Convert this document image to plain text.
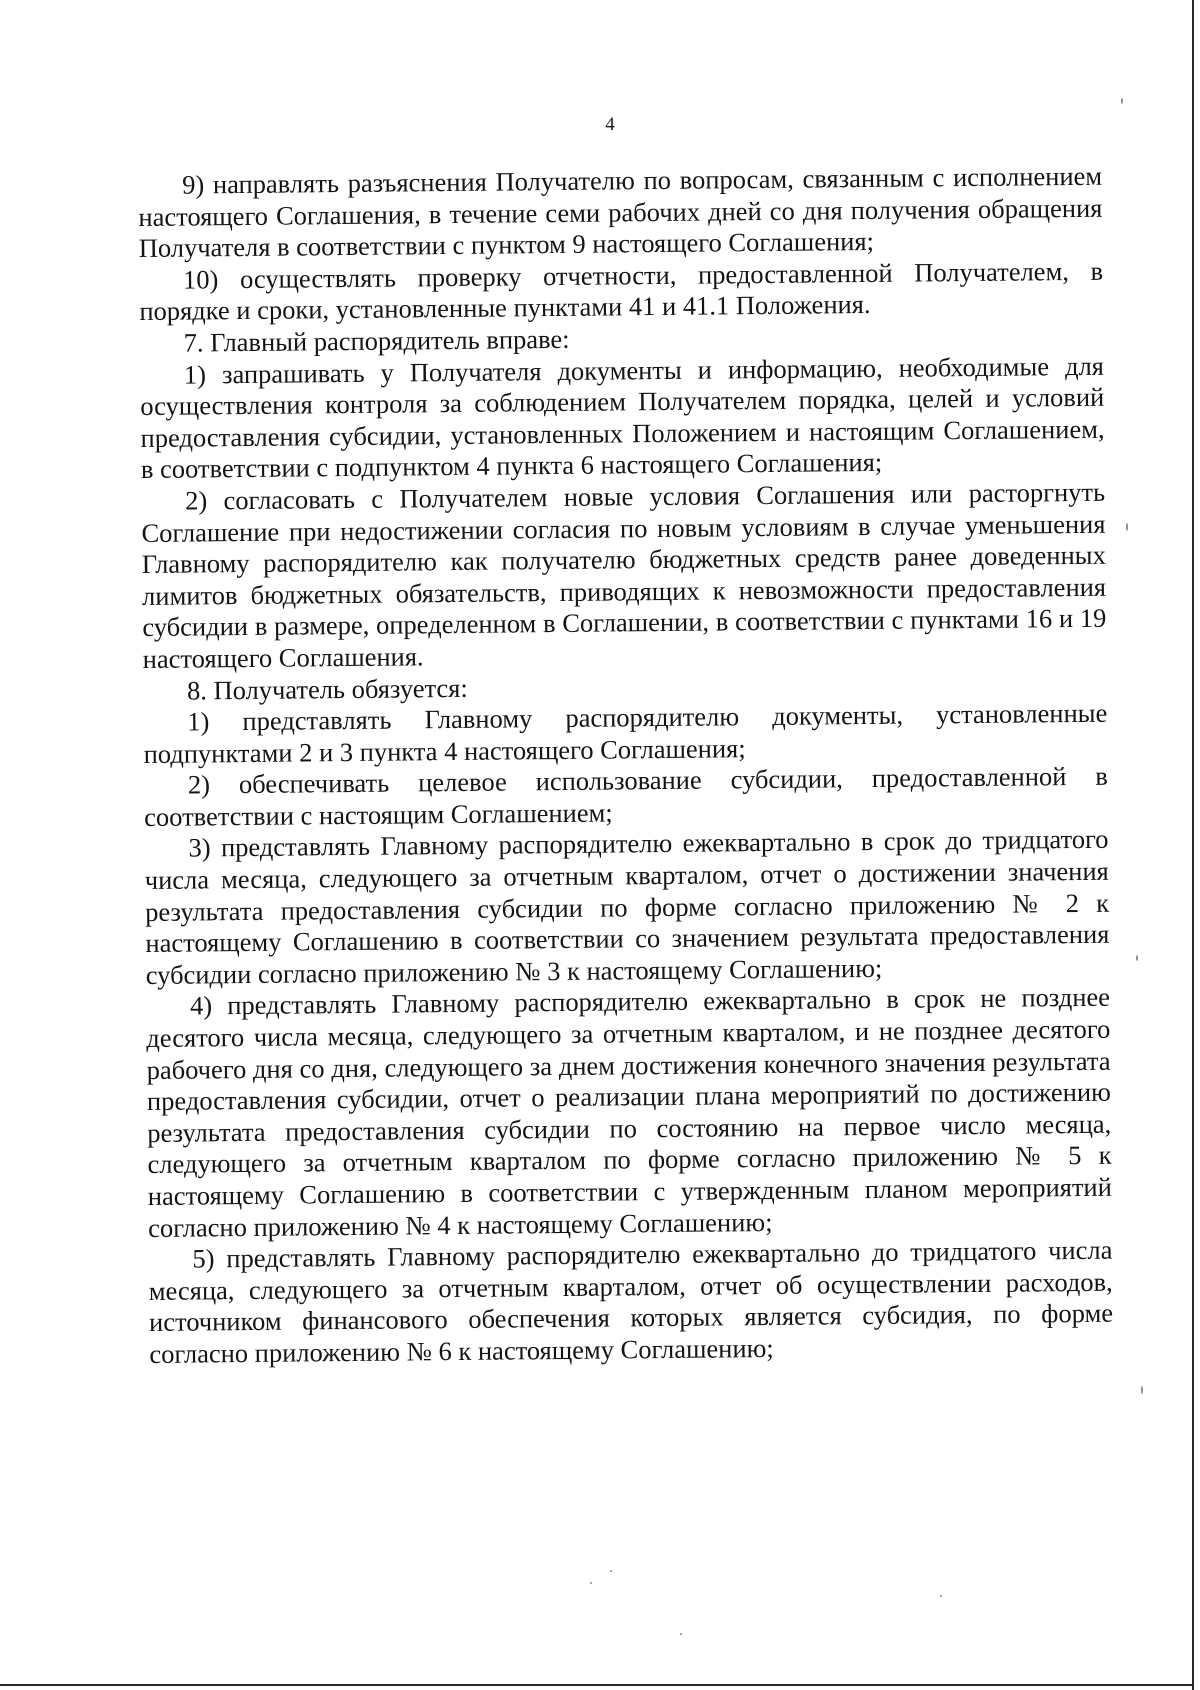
4

9) направлять разъяснения Получателю по вопросам, связанным с исполнением настоящего Соглашения, в течение семи рабочих дней со дня получения обращения Получателя в соответствии с пунктом 9 настоящего Соглашения;

10) осуществлять проверку отчетности, предоставленной Получателем, в порядке и сроки, установленные пунктами 41 и 41.1 Положения.

7. Главный распорядитель вправе:

1) запрашивать у Получателя документы и информацию, необходимые для осуществления контроля за соблюдением Получателем порядка, целей и условий предоставления субсидии, установленных Положением и настоящим Соглашением, в соответствии с подпунктом 4 пункта 6 настоящего Соглашения;

2) согласовать с Получателем новые условия Соглашения или расторгнуть Соглашение при недостижении согласия по новым условиям в случае уменьшения Главному распорядителю как получателю бюджетных средств ранее доведенных лимитов бюджетных обязательств, приводящих к невозможности предоставления субсидии в размере, определенном в Соглашении, в соответствии с пунктами 16 и 19 настоящего Соглашения.

8. Получатель обязуется:

1) представлять Главному распорядителю документы, установленные подпунктами 2 и 3 пункта 4 настоящего Соглашения;

2) обеспечивать целевое использование субсидии, предоставленной в соответствии с настоящим Соглашением;

3) представлять Главному распорядителю ежеквартально в срок до тридцатого числа месяца, следующего за отчетным кварталом, отчет о достижении значения результата предоставления субсидии по форме согласно приложению № 2 к настоящему Соглашению в соответствии со значением результата предоставления субсидии согласно приложению № 3 к настоящему Соглашению;

4) представлять Главному распорядителю ежеквартально в срок не позднее десятого числа месяца, следующего за отчетным кварталом, и не позднее десятого рабочего дня со дня, следующего за днем достижения конечного значения результата предоставления субсидии, отчет о реализации плана мероприятий по достижению результата предоставления субсидии по состоянию на первое число месяца, следующего за отчетным кварталом по форме согласно приложению № 5 к настоящему Соглашению в соответствии с утвержденным планом мероприятий согласно приложению № 4 к настоящему Соглашению;

5) представлять Главному распорядителю ежеквартально до тридцатого числа месяца, следующего за отчетным кварталом, отчет об осуществлении расходов, источником финансового обеспечения которых является субсидия, по форме согласно приложению № 6 к настоящему Соглашению;
